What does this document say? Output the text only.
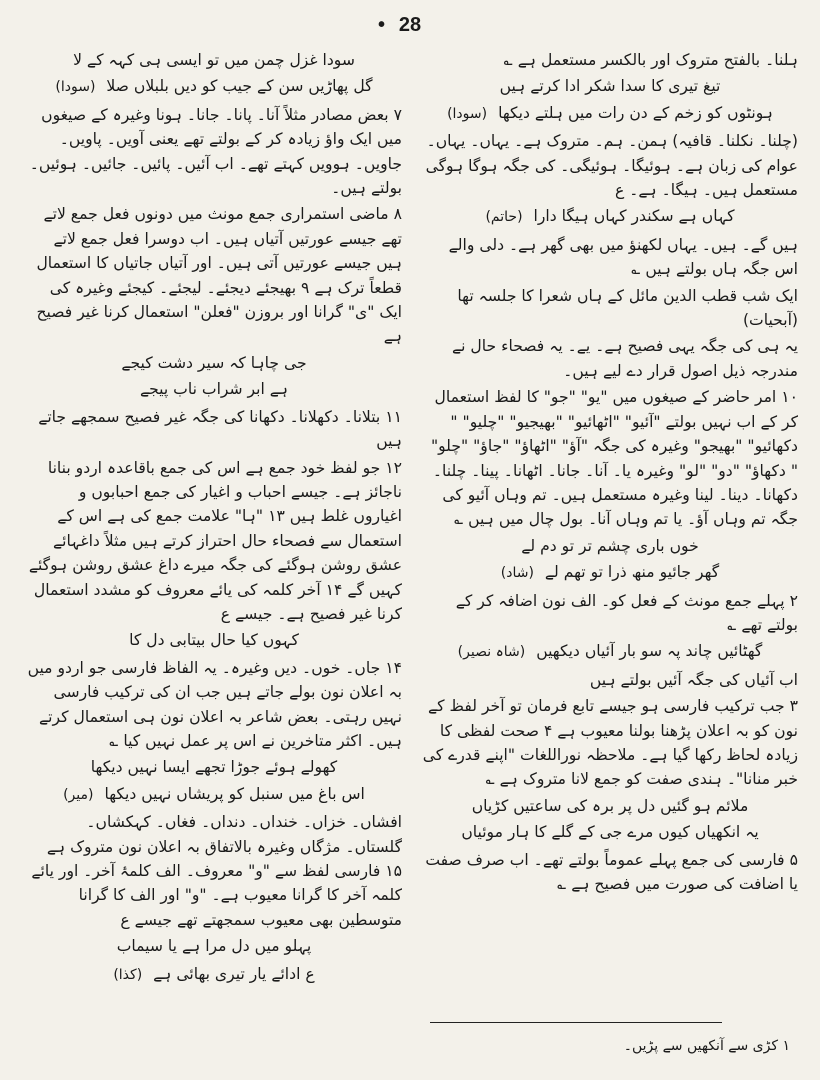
• 28

ہلنا۔ بالفتح متروک اور بالکسر مستعمل ہے ؎

تیغ تیری کا سدا شکر ادا کرتے ہیں
ہونٹوں کو زخم کے دن رات میں ہلتے دیکھا (سودا)

(چلنا۔ نکلنا۔ قافیہ) ہمن۔ ہم۔ متروک ہے۔ یہاں۔ یہاں۔ عوام کی زبان ہے۔ ہوئیگا۔ ہوئیگی۔ کی جگہ ہوگا ہوگی مستعمل ہیں۔ ہیگا۔ ہے۔ ع

کہاں ہے سکندر کہاں ہیگا دارا (حاتم)

ہیں گے۔ ہیں۔ یہاں لکھنؤ میں بھی گھر ہے۔ دلی والے اس جگہ ہاں بولتے ہیں ؎

ایک شب قطب الدین مائل کے ہاں شعرا کا جلسہ تھا (آبحیات)

یہ ہی کی جگہ یہی فصیح ہے۔ یے۔ یہ فصحاء حال نے مندرجہ ذیل اصول قرار دے لیے ہیں۔

۱۰ امر حاضر کے صیغوں میں "یو" "جو" کا لفظ استعمال کر کے اب نہیں بولتے "آئیو" "اٹھائیو" "بھیجیو" "چلیو" " دکھائیو" "بھیجو" وغیرہ کی جگہ "آؤ" "اٹھاؤ" "جاؤ" "چلو" " دکھاؤ" "دو" "لو" وغیرہ یا۔ آنا۔ جانا۔ اٹھانا۔ پینا۔ چلنا۔ دکھانا۔ دینا۔ لینا وغیرہ مستعمل ہیں۔ تم وہاں آئیو کی جگہ تم وہاں آؤ۔ یا تم وہاں آنا۔ بول چال میں ہیں ؎

خوں باری چشم تر تو دم لے
گھر جائیو منھ ذرا تو تھم لے (شاد)

۲ پہلے جمع مونث کے فعل کو۔ الف نون اضافہ کر کے بولتے تھے ؎

گھٹائیں چاند پہ سو بار آئیاں دیکھیں (شاہ نصیر)

اب آئیاں کی جگہ آئیں بولتے ہیں

۳ جب ترکیب فارسی ہو جیسے تابع فرمان تو آخر لفظ کے نون کو بہ اعلان پڑھنا بولنا معیوب ہے ۴ صحت لفظی کا زیادہ لحاظ رکھا گیا ہے۔ ملاحظہ نوراللغات "اپنے قدرے کی خبر منانا"۔ ہندی صفت کو جمع لانا متروک ہے ؎

ملائم ہو گئیں دل پر برہ کی ساعتیں کڑیاں
یہ انکھیاں کیوں مرے جی کے گلے کا ہار موئیاں

۵ فارسی کی جمع پہلے عموماً بولتے تھے۔ اب صرف صفت یا اضافت کی صورت میں فصیح ہے ؎

سودا غزل چمن میں تو ایسی ہی کہہ کے لا
گل پھاڑیں سن کے جیب کو دیں بلبلاں صلا (سودا)

۷ بعض مصادر مثلاً آنا۔ پانا۔ جانا۔ ہونا وغیرہ کے صیغوں میں ایک واؤ زیادہ کر کے بولتے تھے یعنی آویں۔ پاویں۔ جاویں۔ ہوویں کہتے تھے۔ اب آئیں۔ پائیں۔ جائیں۔ ہوئیں۔ بولتے ہیں۔

۸ ماضی استمراری جمع مونث میں دونوں فعل جمع لاتے تھے جیسے عورتیں آتیاں ہیں۔ اب دوسرا فعل جمع لاتے ہیں جیسے عورتیں آتی ہیں۔ اور آتیاں جاتیاں کا استعمال قطعاً ترک ہے ۹ بھیجئے دیجئے۔ لیجئے۔ کیجئے وغیرہ کی ایک "ی" گرانا اور بروزن "فعلن" استعمال کرنا غیر فصیح ہے

جی چاہا کہ سیر دشت کیجے
ہے ابر شراب ناب پیجے

۱۱ بتلانا۔ دکھلانا۔ دکھانا کی جگہ غیر فصیح سمجھے جاتے ہیں

۱۲ جو لفظ خود جمع ہے اس کی جمع باقاعدہ اردو بنانا ناجائز ہے۔ جیسے احباب و اغیار کی جمع احبابوں و اغیاروں غلط ہیں ۱۳ "ہا" علامت جمع کی ہے اس کے استعمال سے فصحاء حال احتراز کرتے ہیں مثلاً داغہائے عشق روشن ہوگئے کی جگہ میرے داغ عشق روشن ہوگئے کہیں گے ۱۴ آخر کلمہ کی یائے معروف کو مشدد استعمال کرنا غیر فصیح ہے۔ جیسے ع

کہوں کیا حال بیتابی دل کا

۱۴ جاں۔ خوں۔ دیں وغیرہ۔ یہ الفاظ فارسی جو اردو میں بہ اعلان نون بولے جاتے ہیں جب ان کی ترکیب فارسی نہیں رہتی۔ بعض شاعر بہ اعلان نون ہی استعمال کرتے ہیں۔ اکثر متاخرین نے اس پر عمل نہیں کیا ؎

کھولے ہوئے جوڑا تجھے ایسا نہیں دیکھا
اس باغ میں سنبل کو پریشاں نہیں دیکھا (میر)

افشاں۔ خزاں۔ خنداں۔ دنداں۔ فغاں۔ کہکشاں۔ گلستاں۔ مژگاں وغیرہ بالاتفاق بہ اعلان نون متروک ہے ۱۵ فارسی لفظ سے "و" معروف۔ الف کلمۂ آخر۔ اور یائے کلمہ آخر کا گرانا معیوب ہے۔ "و" اور الف کا گرانا متوسطین بھی معیوب سمجھتے تھے جیسے ع

پہلو میں دل مرا ہے یا سیماب
ع ادائے یار تیری بھائی ہے (کذا)
۱ کڑی سے آنکھیں سے پڑیں۔
